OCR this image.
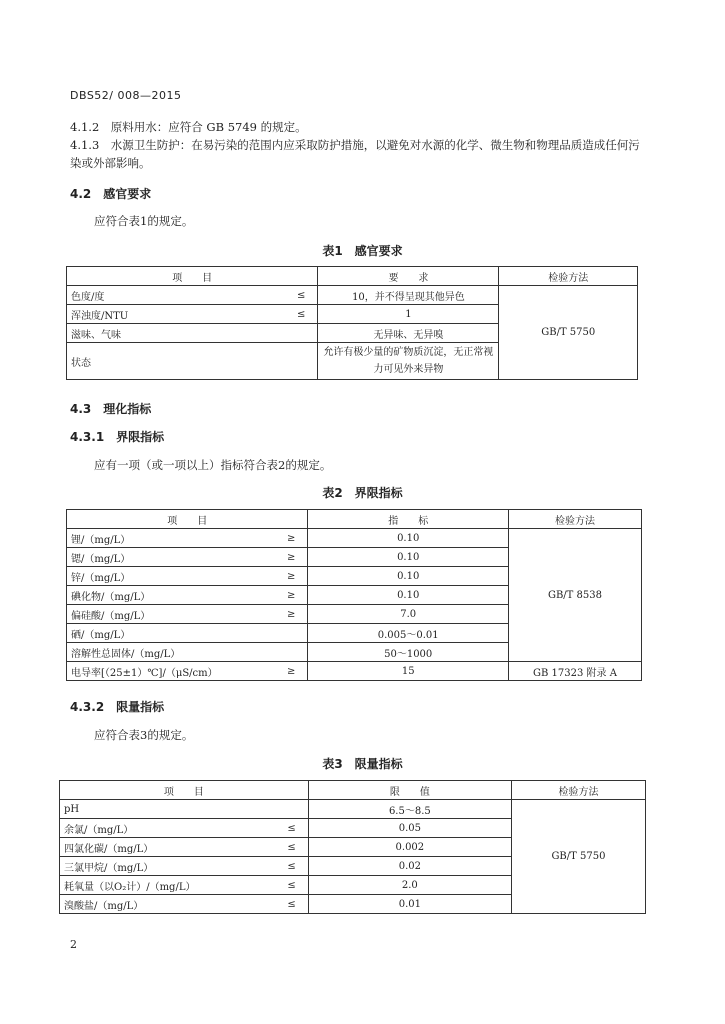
DBS52/ 008—2015
4.1.2　原料用水：应符合 GB 5749 的规定。
4.1.3　水源卫生防护：在易污染的范围内应采取防护措施，以避免对水源的化学、微生物和物理品质造成任何污染或外部影响。
4.2　感官要求
应符合表1的规定。
表1　感官要求
项　　目		要　　求	检验方法
色度/度	≤	10，并不得呈现其他异色	GB/T 5750
浑浊度/NTU	≤	1	
滋味、气味		无异味、无异嗅	
状态		允许有极少量的矿物质沉淀，无正常视力可见外来异物	
4.3　理化指标
4.3.1　界限指标
应有一项（或一项以上）指标符合表2的规定。
表2　界限指标
项　　目		指　　标	检验方法
锂/（mg/L）	≥	0.10	GB/T 8538
锶/（mg/L）	≥	0.10	
锌/（mg/L）	≥	0.10	
碘化物/（mg/L）	≥	0.10	
偏硅酸/（mg/L）	≥	7.0	
硒/（mg/L）		0.005～0.01	
溶解性总固体/（mg/L）		50～1000	
电导率[（25±1）℃]/（μS/cm）	≥	15	GB 17323 附录 A
4.3.2　限量指标
应符合表3的规定。
表3　限量指标
项　　目		限　　值	检验方法
pH		6.5～8.5	GB/T 5750
余氯/（mg/L）	≤	0.05	
四氯化碳/（mg/L）	≤	0.002	
三氯甲烷/（mg/L）	≤	0.02	
耗氧量（以O₂计）/（mg/L）	≤	2.0	
溴酸盐/（mg/L）	≤	0.01	
2
